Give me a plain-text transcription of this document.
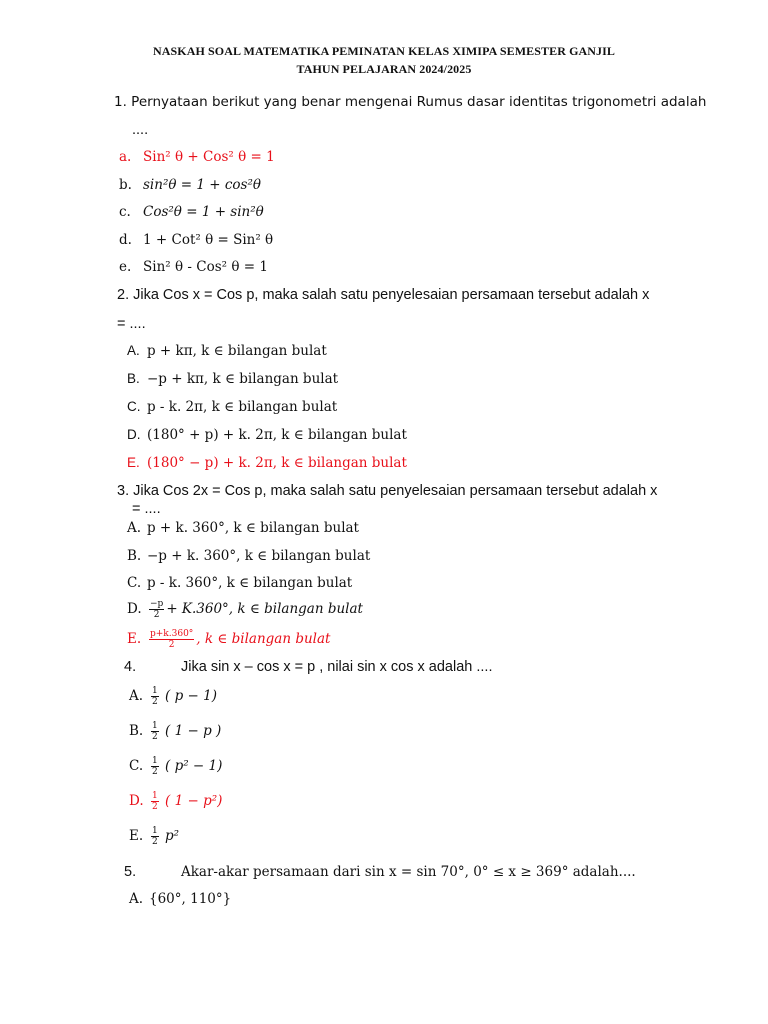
NASKAH SOAL MATEMATIKA PEMINATAN KELAS XIMIPA SEMESTER GANJIL
TAHUN PELAJARAN 2024/2025
1. Pernyataan berikut yang benar mengenai Rumus dasar identitas trigonometri adalah
....
a. Sin² θ + Cos² θ = 1
b. sin²θ = 1 + cos²θ
c. Cos²θ = 1 + sin²θ
d. 1 + Cot² θ = Sin² θ
e. Sin² θ - Cos² θ = 1
2. Jika Cos x = Cos p, maka salah satu penyelesaian persamaan tersebut adalah x
= ....
A. p + kπ, k ∈ bilangan bulat
B. −p + kπ, k ∈ bilangan bulat
C. p - k. 2π, k ∈ bilangan bulat
D. (180° + p) + k. 2π, k ∈ bilangan bulat
E. (180° − p) + k. 2π, k ∈ bilangan bulat
3. Jika Cos 2x = Cos p, maka salah satu penyelesaian persamaan tersebut adalah x
= ....
A. p + k. 360°, k ∈ bilangan bulat
B. −p + k. 360°, k ∈ bilangan bulat
C. p - k. 360°, k ∈ bilangan bulat
D. $\frac{-p}{2} + K.360^\circ$, k ∈ bilangan bulat
E. $\frac{p+k.360^\circ}{2}$ , k ∈ bilangan bulat
4.	Jika sin x – cos x = p , nilai sin x cos x adalah ....
A. $\frac{1}{2}$ ( p − 1)
B. $\frac{1}{2}$ ( 1 − p )
C. $\frac{1}{2}$ ( p² − 1)
D. $\frac{1}{2}$ ( 1 − p²)
E. $\frac{1}{2} p^2$
5.	Akar-akar persamaan dari sin x = sin 70°, 0° ≤ x ≥ 369° adalah....
A. {60°, 110°}
